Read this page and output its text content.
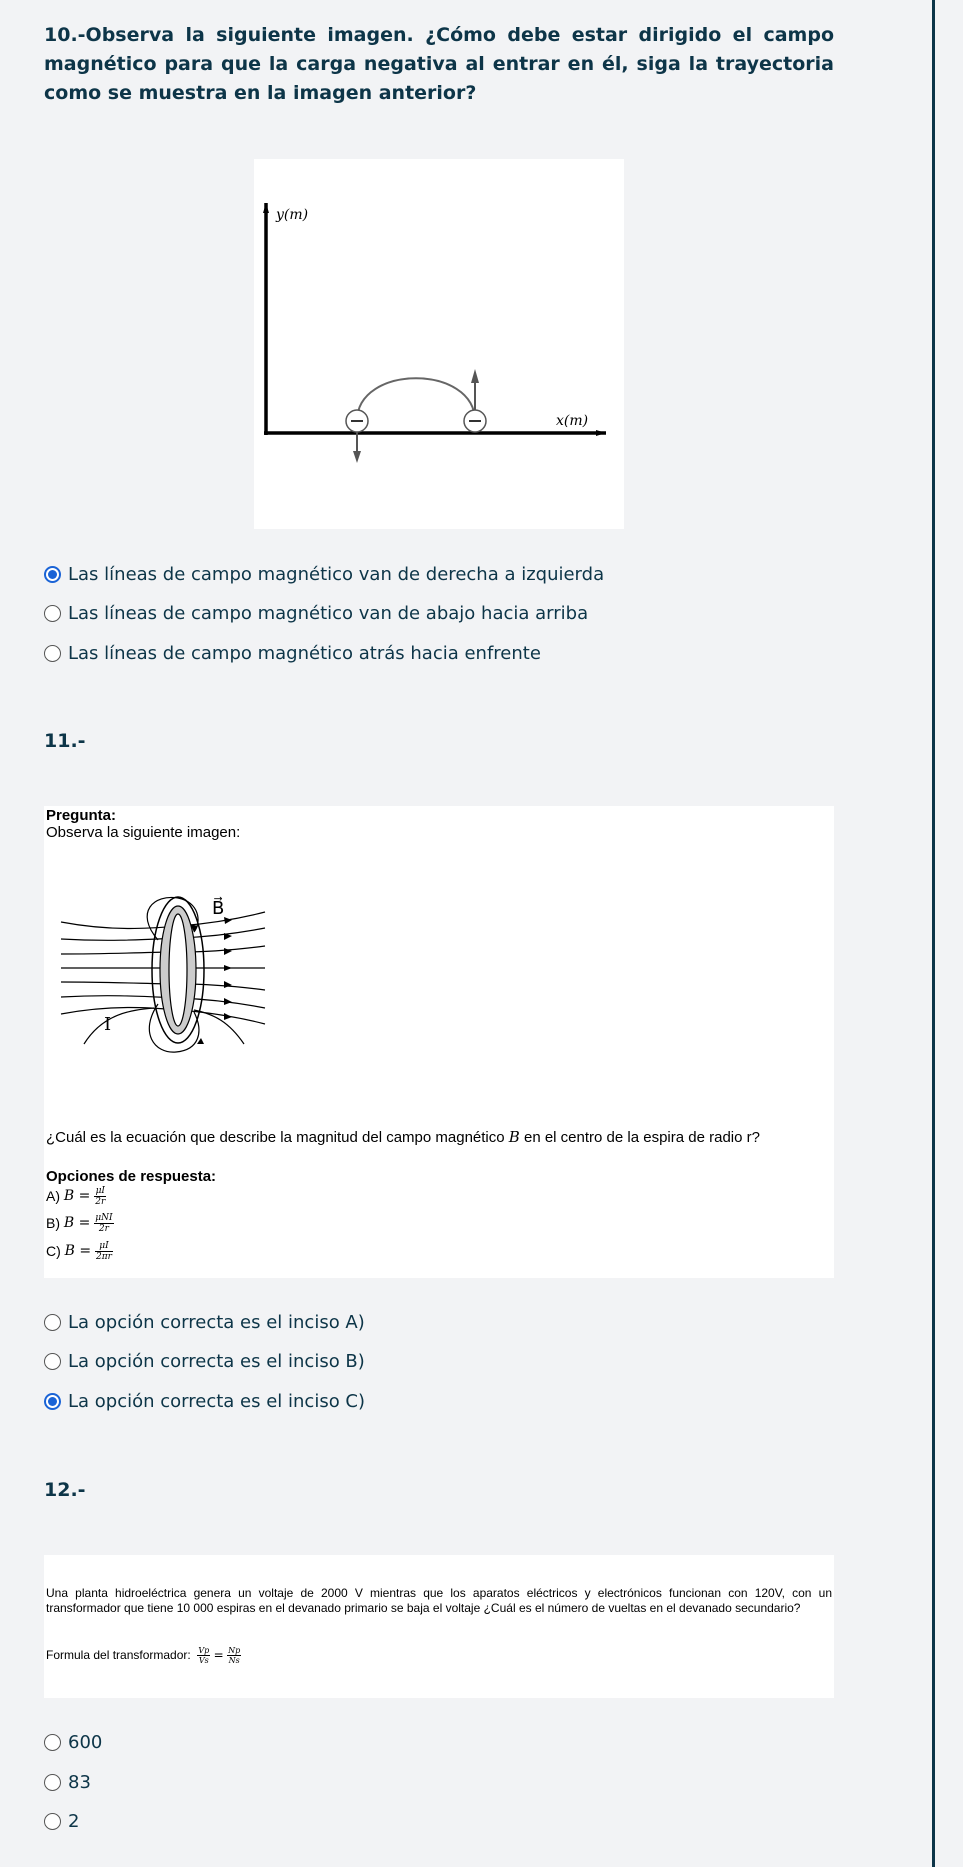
10.-Observa la siguiente imagen. ¿Cómo debe estar dirigido el campo magnético para que la carga negativa al entrar en él, siga la trayectoria como se muestra en la imagen anterior?
y(m)
x(m)
Las líneas de campo magnético van de derecha a izquierda
Las líneas de campo magnético van de abajo hacia arriba
Las líneas de campo magnético atrás hacia enfrente
11.-
Pregunta:
Observa la siguiente imagen:
B⃗
I
¿Cuál es la ecuación que describe la magnitud del campo magnético B en el centro de la espira de radio r?
Opciones de respuesta:
A)
B =
$\frac{\mu I}{2r}$
B)
B =
$\frac{\text{μNI}}{2r}$
C)
B =
$\frac{\mu I}{2\pi r}$
La opción correcta es el inciso A)
La opción correcta es el inciso B)
La opción correcta es el inciso C)
12.-
Una planta hidroeléctrica genera un voltaje de 2000 V mientras que los aparatos eléctricos y electrónicos funcionan con 120V, con un transformador que tiene 10 000 espiras en el devanado primario se baja el voltaje ¿Cuál es el número de vueltas en el devanado secundario?
Formula del transformador:
$\frac{Vp}{Vs}$
=
$\frac{Np}{Ns}$
600
83
2
